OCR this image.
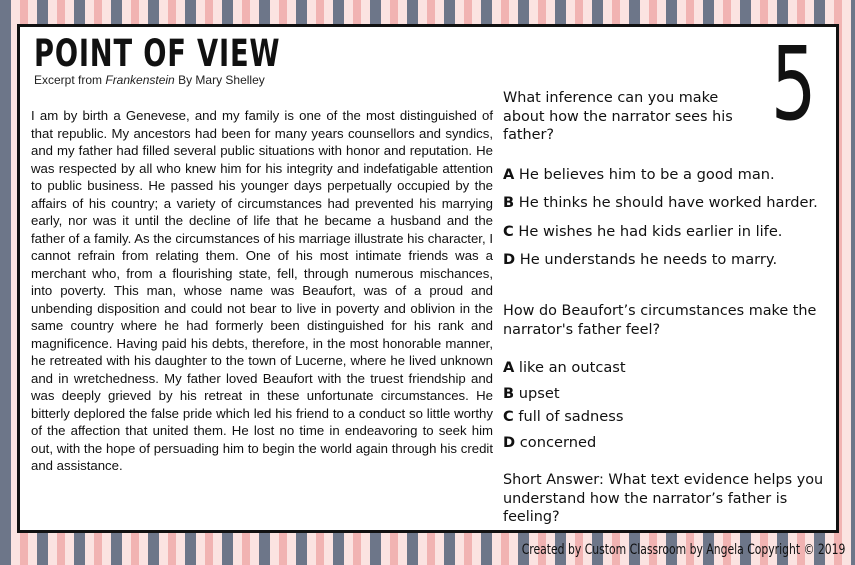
POINT OF VIEW
Excerpt from Frankenstein By Mary Shelley	5

I am by birth a Genevese, and my family is one of the most distinguished of that republic. My ancestors had been for many years counsellors and syndics, and my father had filled several public situations with honor and reputation. He was respected by all who knew him for his integrity and indefatigable attention to public business. He passed his younger days perpetually occupied by the affairs of his country; a variety of circumstances had prevented his marrying early, nor was it until the decline of life that he became a husband and the father of a family. As the circumstances of his marriage illustrate his character, I cannot refrain from relating them. One of his most intimate friends was a merchant who, from a flourishing state, fell, through numerous mischances, into poverty. This man, whose name was Beaufort, was of a proud and unbending disposition and could not bear to live in poverty and oblivion in the same country where he had formerly been distinguished for his rank and magnificence. Having paid his debts, therefore, in the most honorable manner, he retreated with his daughter to the town of Lucerne, where he lived unknown and in wretchedness. My father loved Beaufort with the truest friendship and was deeply grieved by his retreat in these unfortunate circumstances. He bitterly deplored the false pride which led his friend to a conduct so little worthy of the affection that united them. He lost no time in endeavoring to seek him out, with the hope of persuading him to begin the world again through his credit and assistance.

What inference can you make about how the narrator sees his father?

A He believes him to be a good man.

B He thinks he should have worked harder.

C He wishes he had kids earlier in life.

D He understands he needs to marry.

How do Beaufort’s circumstances make the narrator's father feel?

A like an outcast

B upset

C full of sadness

D concerned

Short Answer: What text evidence helps you understand how the narrator’s father is feeling?

Created by Custom Classroom by Angela Copyright © 2019
